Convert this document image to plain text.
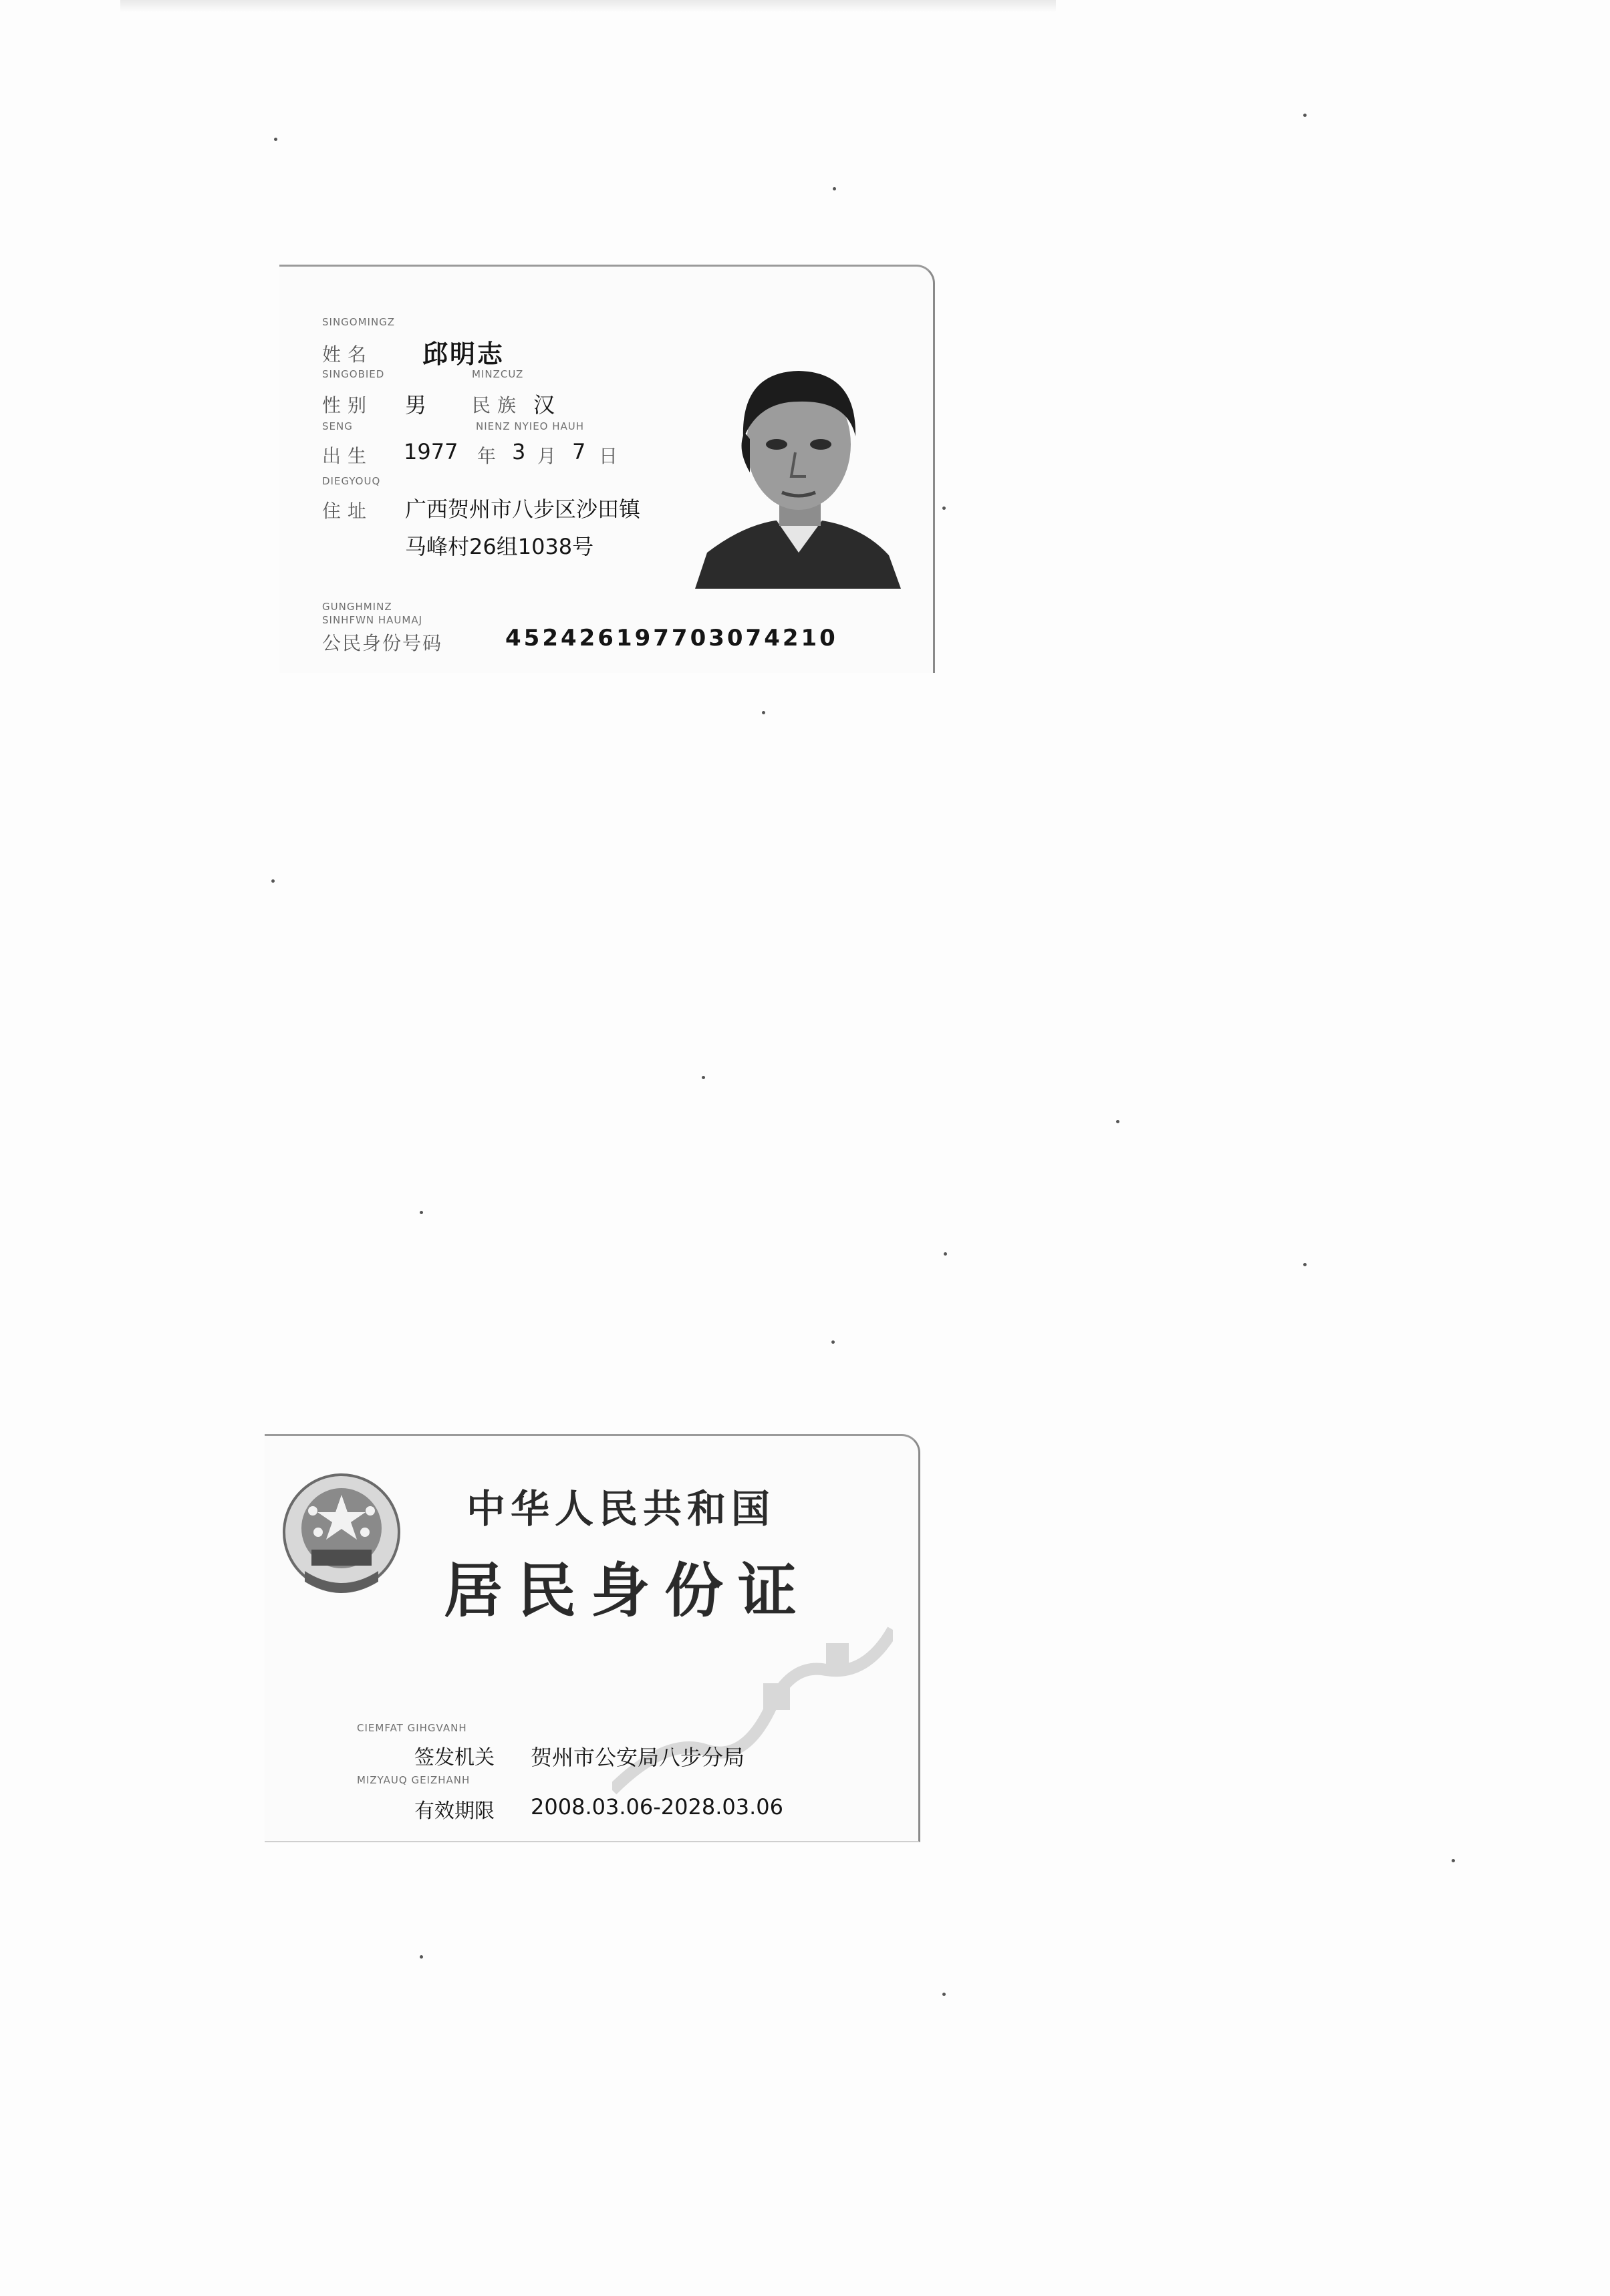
SINGOMINGZ
姓名 邱明志
SINGOBIED	MINZCUZ
性别 男 民族 汉
SENG	NIENZ NYIEO HAUH
出生 1977 年 3 月 7 日
DIEGYOUQ
住址 广西贺州市八步区沙田镇
马峰村26组1038号
GUNGHMINZ
SINHFWN HAUMAJ
公民身份号码	452426197703074210
中华人民共和国
居民身份证
CIEMFAT GIHGVANH
签发机关 贺州市公安局八步分局
MIZYAUQ GEIZHANH
有效期限 2008.03.06-2028.03.06
